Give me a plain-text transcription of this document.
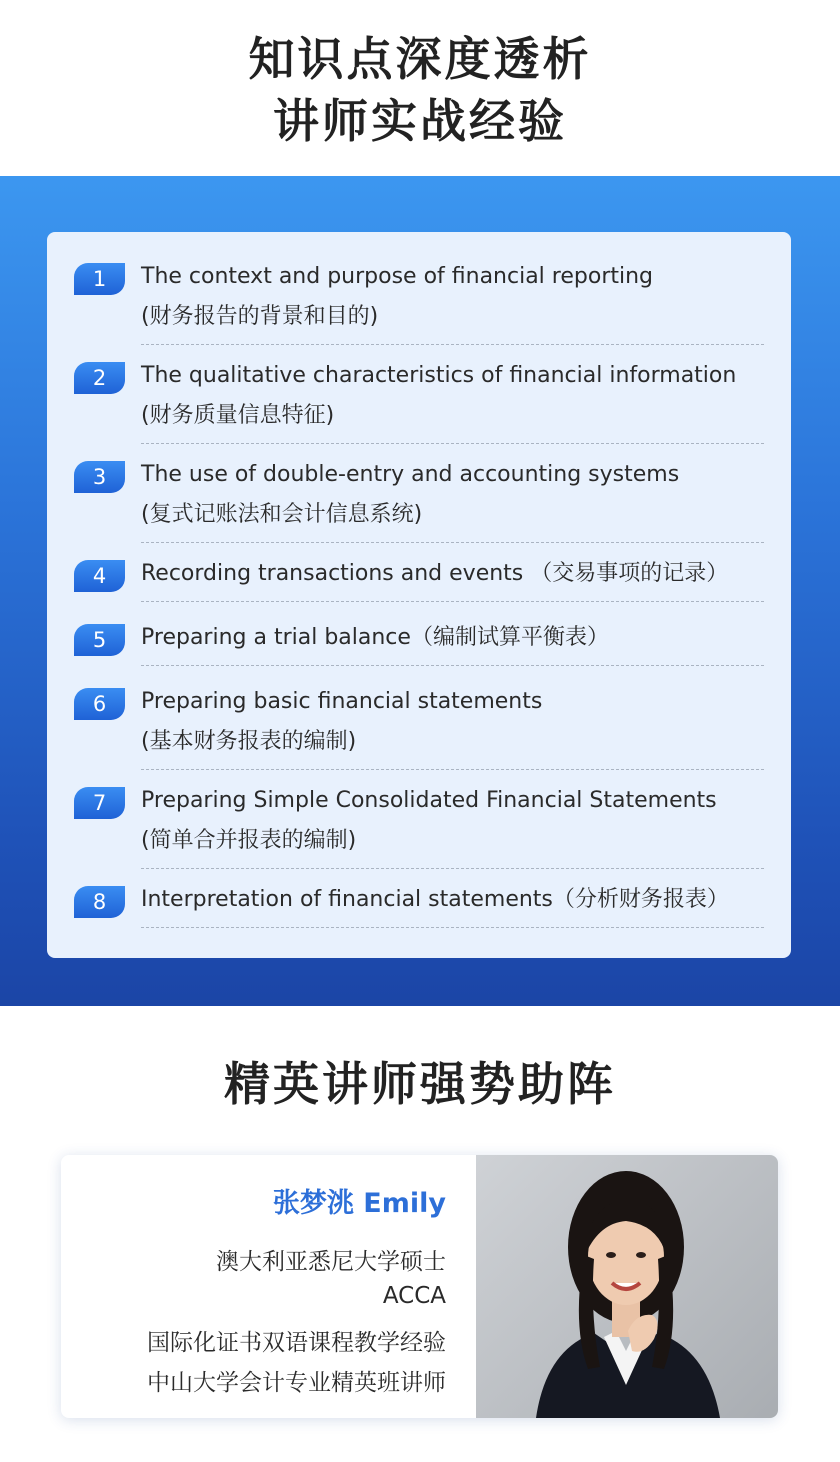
知识点深度透析
讲师实战经验
1	The context and purpose of financial reporting
(财务报告的背景和目的)
2	The qualitative characteristics of financial information
(财务质量信息特征)
3	The use of double-entry and accounting systems
(复式记账法和会计信息系统)
4	Recording transactions and events （交易事项的记录）
5	Preparing a trial balance（编制试算平衡表）
6	Preparing basic financial statements
(基本财务报表的编制)
7	Preparing Simple Consolidated Financial Statements
(简单合并报表的编制)
8	Interpretation of financial statements（分析财务报表）
精英讲师强势助阵
张梦洮 Emily
澳大利亚悉尼大学硕士
ACCA
国际化证书双语课程教学经验
中山大学会计专业精英班讲师
